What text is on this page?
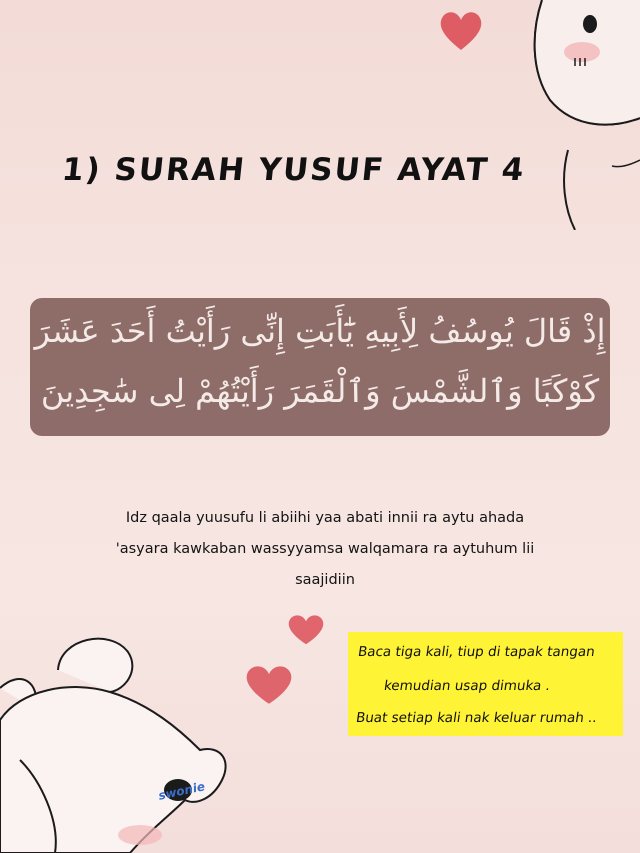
swonie
1) SURAH YUSUF AYAT 4
إِذْ قَالَ يُوسُفُ لِأَبِيهِ يَٰٓأَبَتِ إِنِّى رَأَيْتُ أَحَدَ عَشَرَ
كَوْكَبًا وَٱلشَّمْسَ وَٱلْقَمَرَ رَأَيْتُهُمْ لِى سَٰجِدِينَ
Idz qaala yuusufu li abiihi yaa abati innii ra aytu ahada
'asyara kawkaban wassyyamsa walqamara ra aytuhum lii
saajidiin
Baca tiga kali, tiup di tapak tangan
kemudian usap dimuka .
Buat setiap kali nak keluar rumah ..
